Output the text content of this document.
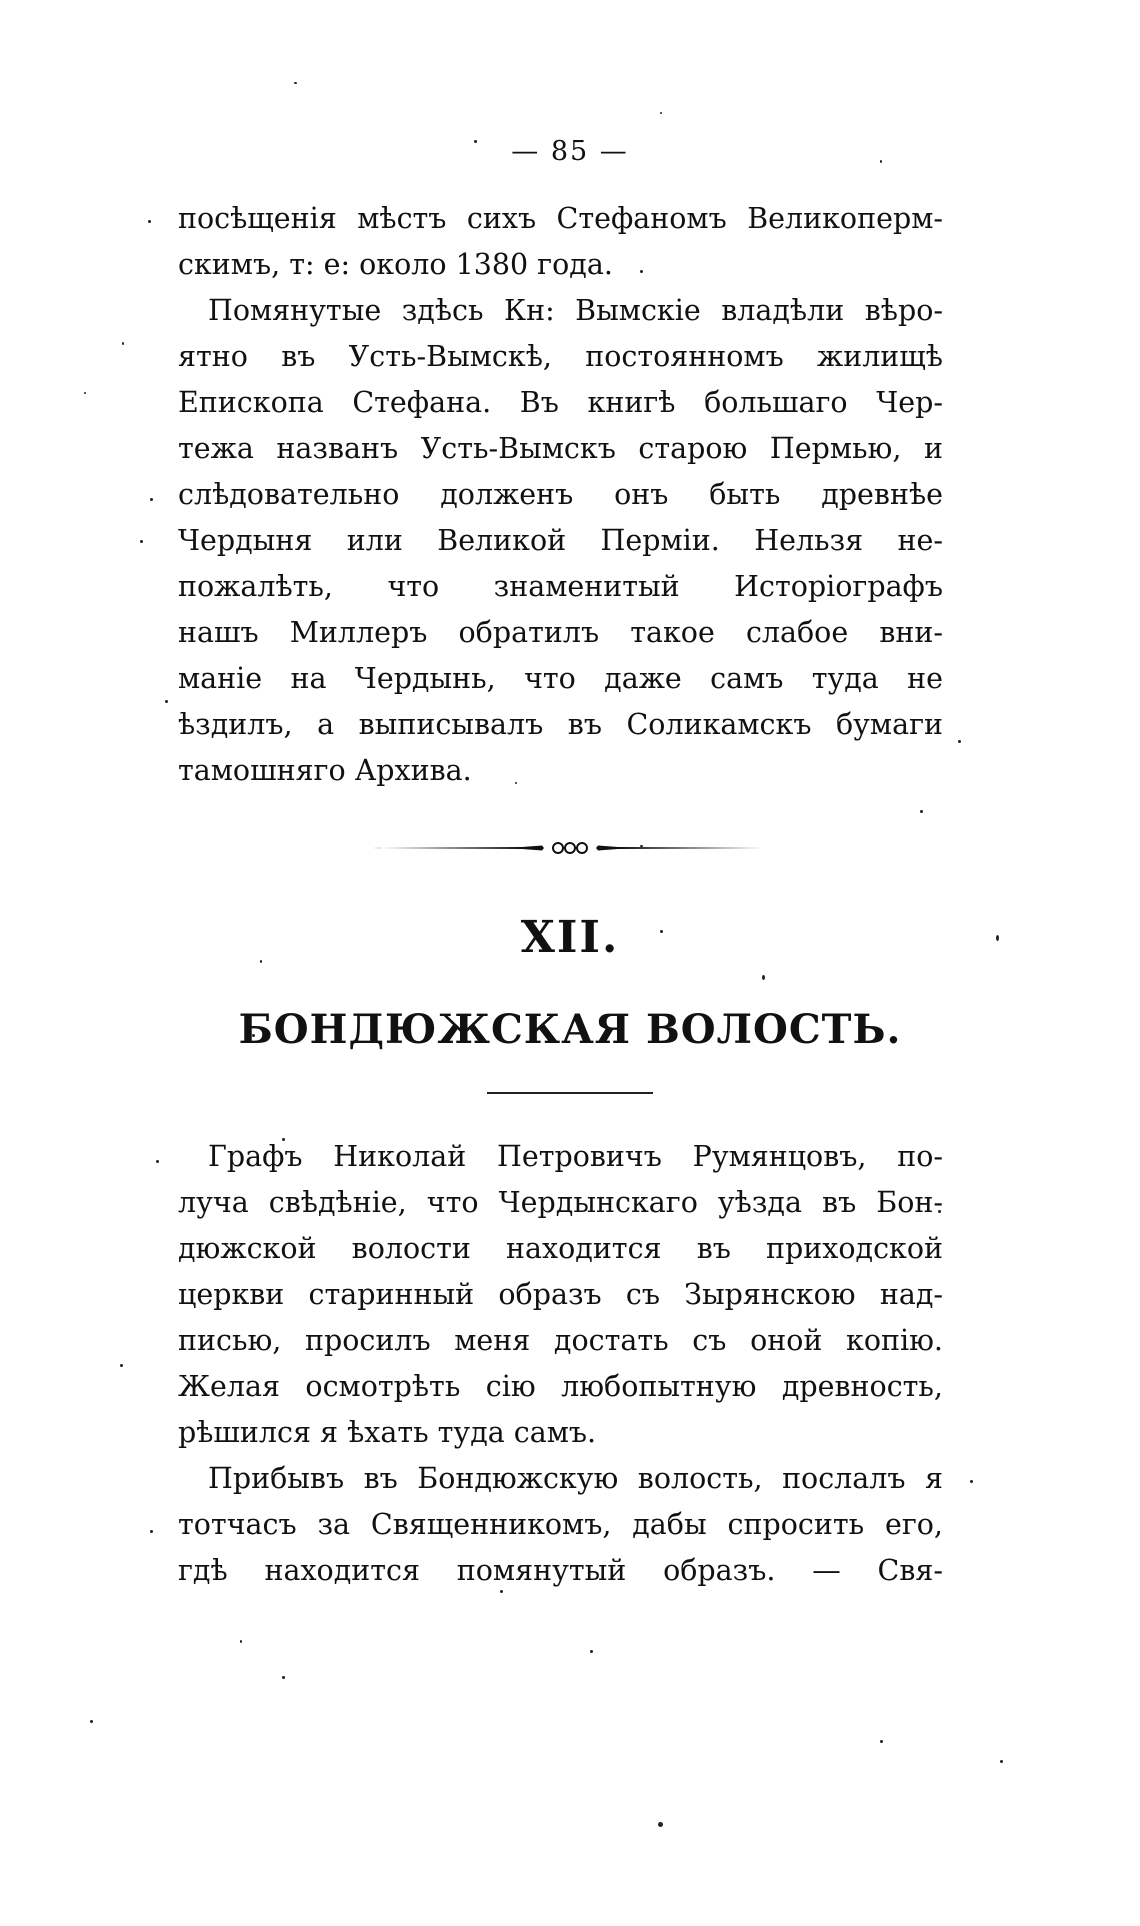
— 85 —
посѣщенія мѣстъ сихъ Стефаномъ Великоперм-
скимъ, т: е: около 1380 года.
Помянутые здѣсь Кн: Вымскіе владѣли вѣро-
ятно въ Усть-Вымскѣ, постоянномъ жилищѣ
Епископа Стефана. Въ книгѣ большаго Чер-
тежа названъ Усть-Вымскъ старою Пермью, и
слѣдовательно долженъ онъ быть древнѣе
Чердыня или Великой Перміи. Нельзя не-
пожалѣть, что знаменитый Исторіографъ
нашъ Миллеръ обратилъ такое слабое вни-
маніе на Чердынь, что даже самъ туда не
ѣздилъ, а выписывалъ въ Соликамскъ бумаги
тамошняго Архива.
XII.
БОНДЮЖСКАЯ ВОЛОСТЬ.
Графъ Николай Петровичъ Румянцовъ, по-
луча свѣдѣніе, что Чердынскаго уѣзда въ Бон-
дюжской волости находится въ приходской
церкви старинный образъ съ Зырянскою над-
писью, просилъ меня достать съ оной копію.
Желая осмотрѣть сію любопытную древность,
рѣшился я ѣхать туда самъ.
Прибывъ въ Бондюжскую волость, послалъ я
тотчасъ за Священникомъ, дабы спросить его,
гдѣ находится помянутый образъ. — Свя-
